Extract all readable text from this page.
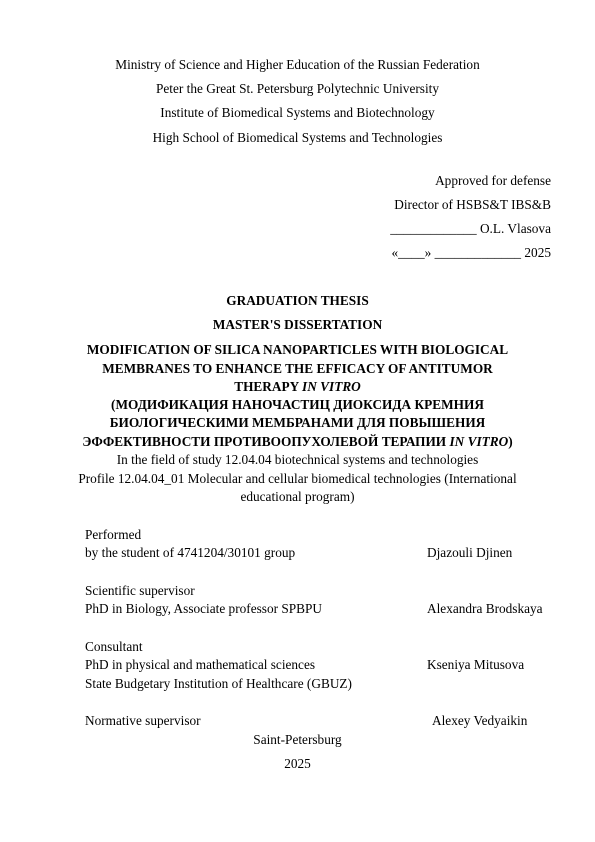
Ministry of Science and Higher Education of the Russian Federation
Peter the Great St. Petersburg Polytechnic University
Institute of Biomedical Systems and Biotechnology
High School of Biomedical Systems and Technologies
Approved for defense
Director of HSBS&T IBS&B
_____________ O.L. Vlasova
«____» _____________ 2025
GRADUATION THESIS
MASTER'S DISSERTATION
MODIFICATION OF SILICA NANOPARTICLES WITH BIOLOGICAL
MEMBRANES TO ENHANCE THE EFFICACY OF ANTITUMOR
THERAPY IN VITRO
(МОДИФИКАЦИЯ НАНОЧАСТИЦ ДИОКСИДА КРЕМНИЯ
БИОЛОГИЧЕСКИМИ МЕМБРАНАМИ ДЛЯ ПОВЫШЕНИЯ
ЭФФЕКТИВНОСТИ ПРОТИВООПУХОЛЕВОЙ ТЕРАПИИ IN VITRO)
In the field of study 12.04.04 biotechnical systems and technologies
Profile 12.04.04_01 Molecular and cellular biomedical technologies (International
educational program)
Performed
by the student of 4741204/30101 group	Djazouli Djinen
Scientific supervisor
PhD in Biology, Associate professor SPBPU	Alexandra Brodskaya
Consultant
PhD in physical and mathematical sciences	Kseniya Mitusova
State Budgetary Institution of Healthcare (GBUZ)
Normative supervisor	Alexey Vedyaikin
Saint-Petersburg
2025
